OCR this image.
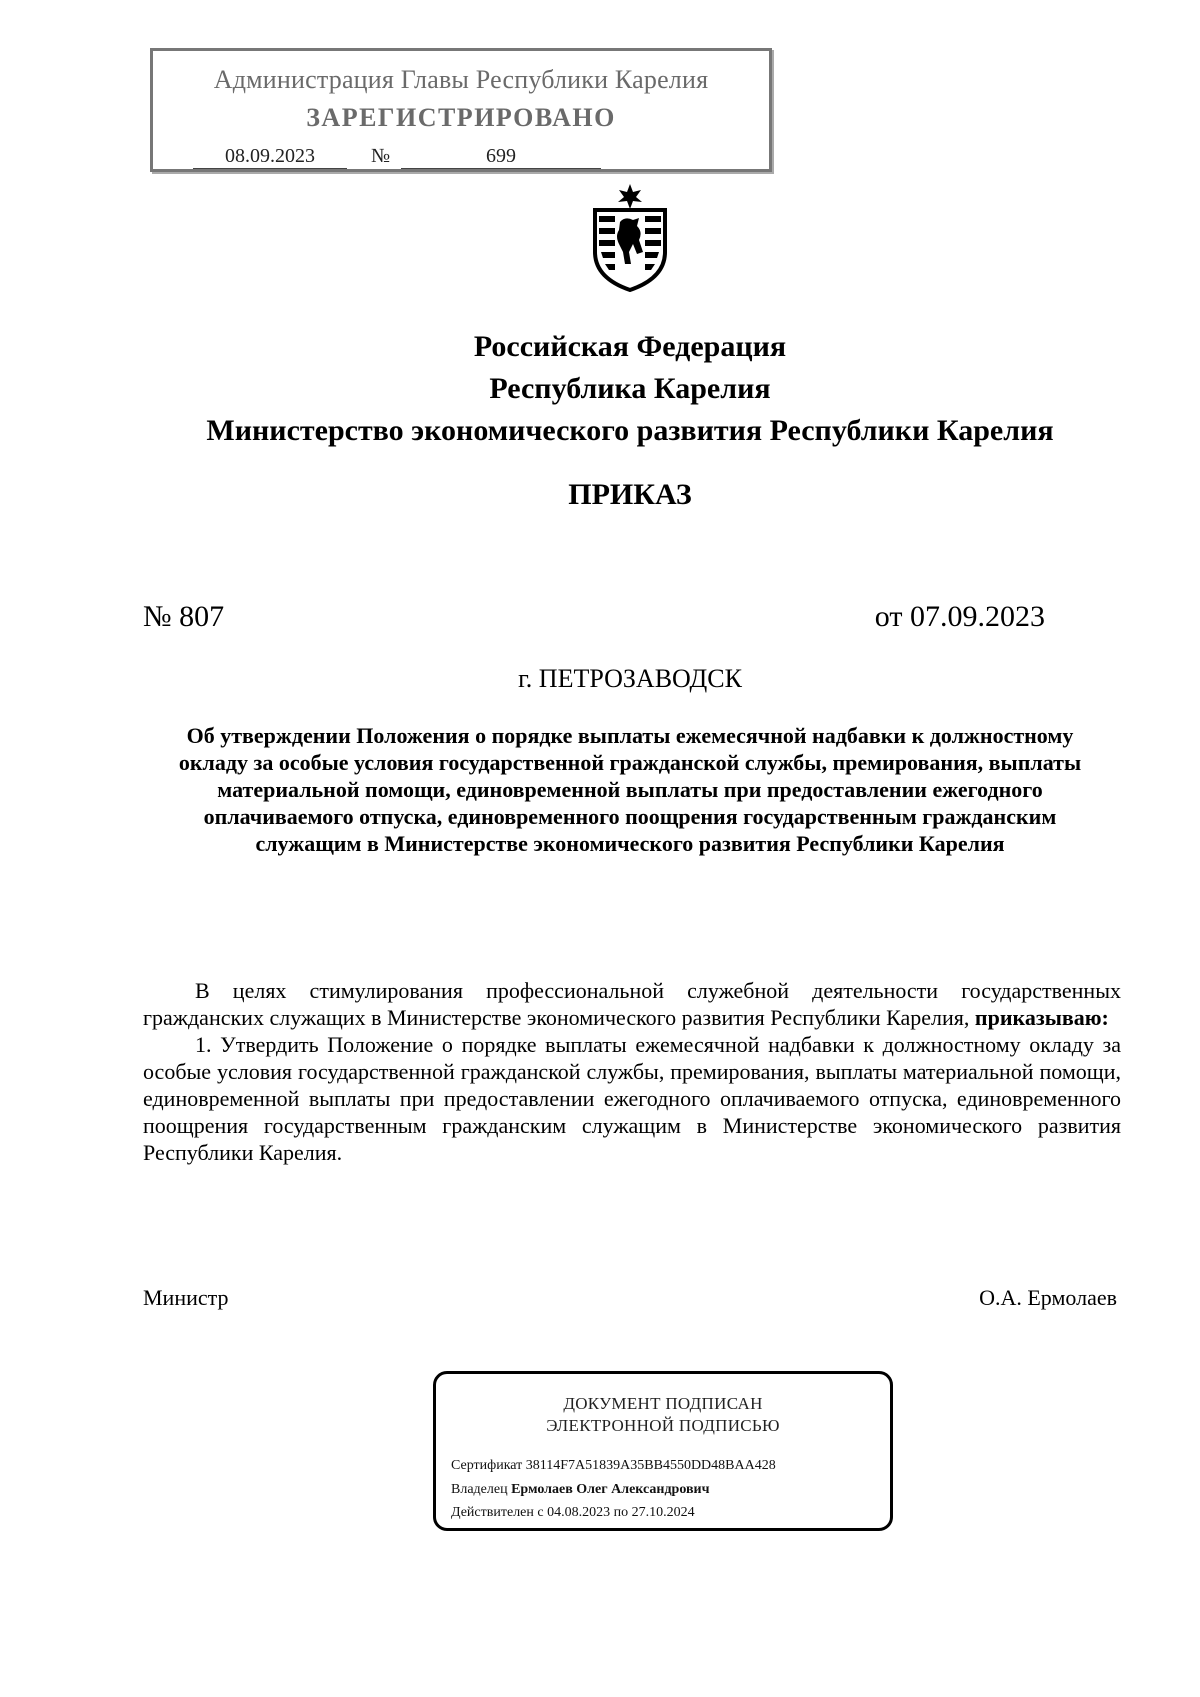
Администрация Главы Республики Карелия
ЗАРЕГИСТРИРОВАНО
08.09.2023	№	699
Российская Федерация
Республика Карелия
Министерство экономического развития Республики Карелия
ПРИКАЗ
№ 807	от 07.09.2023
г. ПЕТРОЗАВОДСК
Об утверждении Положения о порядке выплаты ежемесячной надбавки к должностному окладу за особые условия государственной гражданской службы, премирования, выплаты материальной помощи, единовременной выплаты при предоставлении ежегодного оплачиваемого отпуска, единовременного поощрения государственным гражданским служащим в Министерстве экономического развития Республики Карелия

В целях стимулирования профессиональной служебной деятельности государственных гражданских служащих в Министерстве экономического развития Республики Карелия, приказываю:

1. Утвердить Положение о порядке выплаты ежемесячной надбавки к должностному окладу за особые условия государственной гражданской службы, премирования, выплаты материальной помощи, единовременной выплаты при предоставлении ежегодного оплачиваемого отпуска, единовременного поощрения государственным гражданским служащим в Министерстве экономического развития Республики Карелия.

Министр	О.А. Ермолаев
ДОКУМЕНТ ПОДПИСАН
ЭЛЕКТРОННОЙ ПОДПИСЬЮ
Сертификат 38114F7A51839A35BB4550DD48BAA428
Владелец Ермолаев Олег Александрович
Действителен с 04.08.2023 по 27.10.2024
